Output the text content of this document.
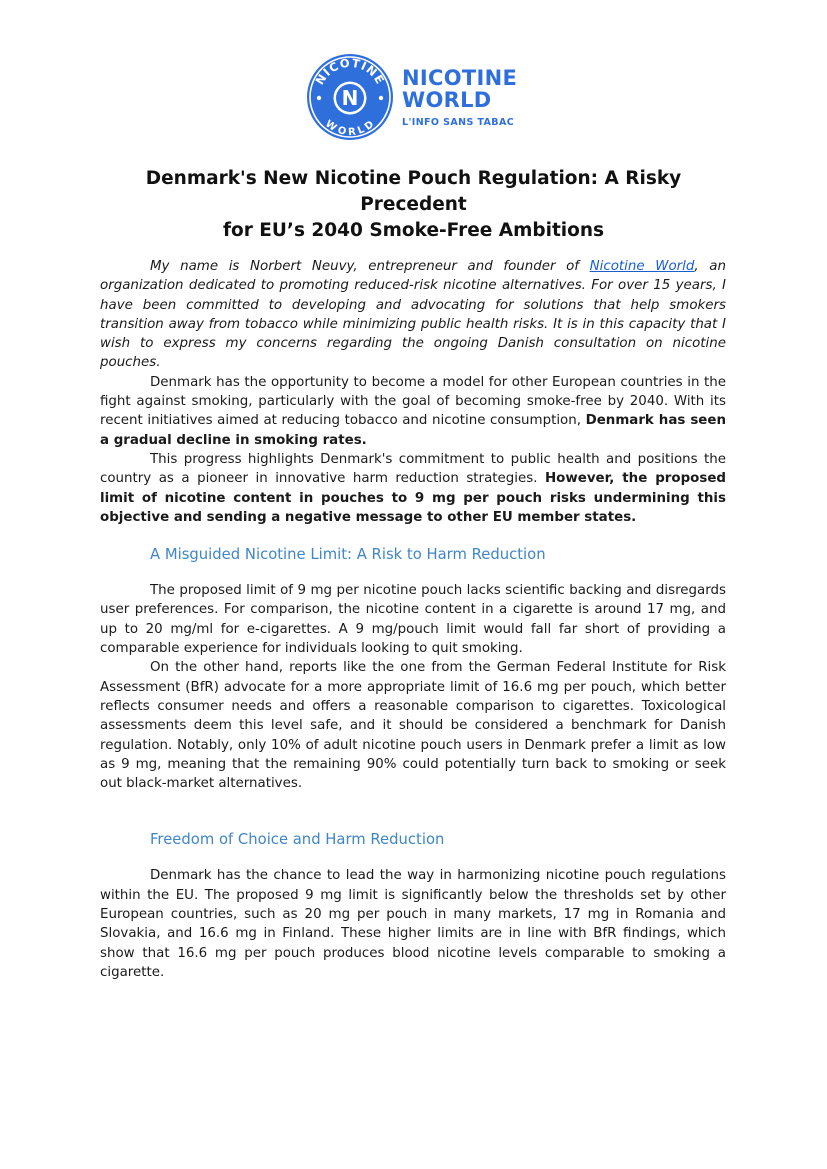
NICOTINE
WORLD
N
NICOTINE
WORLD
L'INFO SANS TABAC
Denmark's New Nicotine Pouch Regulation: A Risky Precedent
for EU’s 2040 Smoke-Free Ambitions

My name is Norbert Neuvy, entrepreneur and founder of Nicotine World, an organization dedicated to promoting reduced-risk nicotine alternatives. For over 15 years, I have been committed to developing and advocating for solutions that help smokers transition away from tobacco while minimizing public health risks. It is in this capacity that I wish to express my concerns regarding the ongoing Danish consultation on nicotine pouches.

Denmark has the opportunity to become a model for other European countries in the fight against smoking, particularly with the goal of becoming smoke-free by 2040. With its recent initiatives aimed at reducing tobacco and nicotine consumption, Denmark has seen a gradual decline in smoking rates.

This progress highlights Denmark's commitment to public health and positions the country as a pioneer in innovative harm reduction strategies. However, the proposed limit of nicotine content in pouches to 9 mg per pouch risks undermining this objective and sending a negative message to other EU member states.

A Misguided Nicotine Limit: A Risk to Harm Reduction

The proposed limit of 9 mg per nicotine pouch lacks scientific backing and disregards user preferences. For comparison, the nicotine content in a cigarette is around 17 mg, and up to 20 mg/ml for e-cigarettes. A 9 mg/pouch limit would fall far short of providing a comparable experience for individuals looking to quit smoking.

On the other hand, reports like the one from the German Federal Institute for Risk Assessment (BfR) advocate for a more appropriate limit of 16.6 mg per pouch, which better reflects consumer needs and offers a reasonable comparison to cigarettes. Toxicological assessments deem this level safe, and it should be considered a benchmark for Danish regulation. Notably, only 10% of adult nicotine pouch users in Denmark prefer a limit as low as 9 mg, meaning that the remaining 90% could potentially turn back to smoking or seek out black-market alternatives.

Freedom of Choice and Harm Reduction

Denmark has the chance to lead the way in harmonizing nicotine pouch regulations within the EU. The proposed 9 mg limit is significantly below the thresholds set by other European countries, such as 20 mg per pouch in many markets, 17 mg in Romania and Slovakia, and 16.6 mg in Finland. These higher limits are in line with BfR findings, which show that 16.6 mg per pouch produces blood nicotine levels comparable to smoking a cigarette.
